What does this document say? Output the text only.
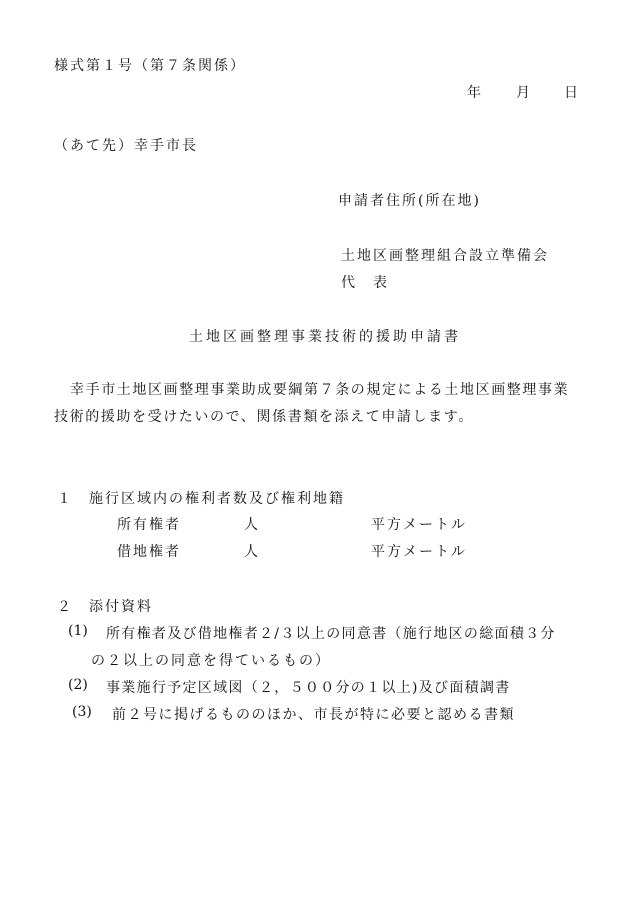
様式第１号（第７条関係）
年 月 日
（あて先）幸手市長
申請者住所(所在地)
土地区画整理組合設立準備会
代　表
土地区画整理事業技術的援助申請書
幸手市土地区画整理事業助成要綱第７条の規定による土地区画整理事業
技術的援助を受けたいので、関係書類を添えて申請します。
１　施行区域内の権利者数及び権利地籍
所有権者	人	平方メートル
借地権者	人	平方メートル
２　添付資料
(1) 所有権者及び借地権者２/３以上の同意書（施行地区の総面積３分
の２以上の同意を得ているもの）
(2) 事業施行予定区域図（２，５００分の１以上)及び面積調書
(3) 前２号に掲げるもののほか、市長が特に必要と認める書類
